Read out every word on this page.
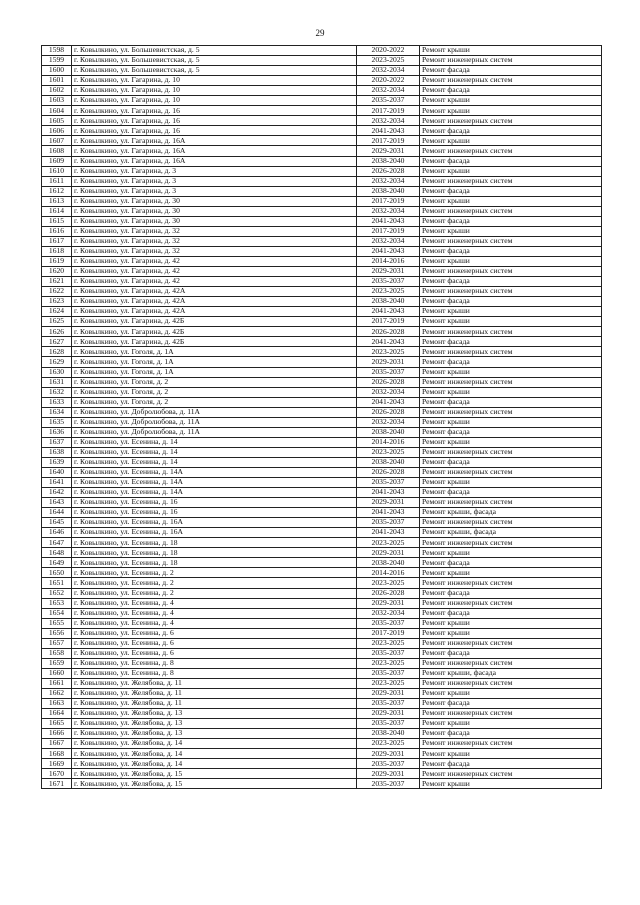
29
1598	г. Ковылкино, ул. Большевистская, д. 5	2020-2022	Ремонт крыши
1599	г. Ковылкино, ул. Большевистская, д. 5	2023-2025	Ремонт инженерных систем
1600	г. Ковылкино, ул. Большевистская, д. 5	2032-2034	Ремонт фасада
1601	г. Ковылкино, ул. Гагарина, д. 10	2020-2022	Ремонт инженерных систем
1602	г. Ковылкино, ул. Гагарина, д. 10	2032-2034	Ремонт фасада
1603	г. Ковылкино, ул. Гагарина, д. 10	2035-2037	Ремонт крыши
1604	г. Ковылкино, ул. Гагарина, д. 16	2017-2019	Ремонт крыши
1605	г. Ковылкино, ул. Гагарина, д. 16	2032-2034	Ремонт инженерных систем
1606	г. Ковылкино, ул. Гагарина, д. 16	2041-2043	Ремонт фасада
1607	г. Ковылкино, ул. Гагарина, д. 16А	2017-2019	Ремонт крыши
1608	г. Ковылкино, ул. Гагарина, д. 16А	2029-2031	Ремонт инженерных систем
1609	г. Ковылкино, ул. Гагарина, д. 16А	2038-2040	Ремонт фасада
1610	г. Ковылкино, ул. Гагарина, д. 3	2026-2028	Ремонт крыши
1611	г. Ковылкино, ул. Гагарина, д. 3	2032-2034	Ремонт инженерных систем
1612	г. Ковылкино, ул. Гагарина, д. 3	2038-2040	Ремонт фасада
1613	г. Ковылкино, ул. Гагарина, д. 30	2017-2019	Ремонт крыши
1614	г. Ковылкино, ул. Гагарина, д. 30	2032-2034	Ремонт инженерных систем
1615	г. Ковылкино, ул. Гагарина, д. 30	2041-2043	Ремонт фасада
1616	г. Ковылкино, ул. Гагарина, д. 32	2017-2019	Ремонт крыши
1617	г. Ковылкино, ул. Гагарина, д. 32	2032-2034	Ремонт инженерных систем
1618	г. Ковылкино, ул. Гагарина, д. 32	2041-2043	Ремонт фасада
1619	г. Ковылкино, ул. Гагарина, д. 42	2014-2016	Ремонт крыши
1620	г. Ковылкино, ул. Гагарина, д. 42	2029-2031	Ремонт инженерных систем
1621	г. Ковылкино, ул. Гагарина, д. 42	2035-2037	Ремонт фасада
1622	г. Ковылкино, ул. Гагарина, д. 42А	2023-2025	Ремонт инженерных систем
1623	г. Ковылкино, ул. Гагарина, д. 42А	2038-2040	Ремонт фасада
1624	г. Ковылкино, ул. Гагарина, д. 42А	2041-2043	Ремонт крыши
1625	г. Ковылкино, ул. Гагарина, д. 42Б	2017-2019	Ремонт крыши
1626	г. Ковылкино, ул. Гагарина, д. 42Б	2026-2028	Ремонт инженерных систем
1627	г. Ковылкино, ул. Гагарина, д. 42Б	2041-2043	Ремонт фасада
1628	г. Ковылкино, ул. Гоголя, д. 1А	2023-2025	Ремонт инженерных систем
1629	г. Ковылкино, ул. Гоголя, д. 1А	2029-2031	Ремонт фасада
1630	г. Ковылкино, ул. Гоголя, д. 1А	2035-2037	Ремонт крыши
1631	г. Ковылкино, ул. Гоголя, д. 2	2026-2028	Ремонт инженерных систем
1632	г. Ковылкино, ул. Гоголя, д. 2	2032-2034	Ремонт крыши
1633	г. Ковылкино, ул. Гоголя, д. 2	2041-2043	Ремонт фасада
1634	г. Ковылкино, ул. Добролюбова, д. 11А	2026-2028	Ремонт инженерных систем
1635	г. Ковылкино, ул. Добролюбова, д. 11А	2032-2034	Ремонт крыши
1636	г. Ковылкино, ул. Добролюбова, д. 11А	2038-2040	Ремонт фасада
1637	г. Ковылкино, ул. Есенина, д. 14	2014-2016	Ремонт крыши
1638	г. Ковылкино, ул. Есенина, д. 14	2023-2025	Ремонт инженерных систем
1639	г. Ковылкино, ул. Есенина, д. 14	2038-2040	Ремонт фасада
1640	г. Ковылкино, ул. Есенина, д. 14А	2026-2028	Ремонт инженерных систем
1641	г. Ковылкино, ул. Есенина, д. 14А	2035-2037	Ремонт крыши
1642	г. Ковылкино, ул. Есенина, д. 14А	2041-2043	Ремонт фасада
1643	г. Ковылкино, ул. Есенина, д. 16	2029-2031	Ремонт инженерных систем
1644	г. Ковылкино, ул. Есенина, д. 16	2041-2043	Ремонт крыши, фасада
1645	г. Ковылкино, ул. Есенина, д. 16А	2035-2037	Ремонт инженерных систем
1646	г. Ковылкино, ул. Есенина, д. 16А	2041-2043	Ремонт крыши, фасада
1647	г. Ковылкино, ул. Есенина, д. 18	2023-2025	Ремонт инженерных систем
1648	г. Ковылкино, ул. Есенина, д. 18	2029-2031	Ремонт крыши
1649	г. Ковылкино, ул. Есенина, д. 18	2038-2040	Ремонт фасада
1650	г. Ковылкино, ул. Есенина, д. 2	2014-2016	Ремонт крыши
1651	г. Ковылкино, ул. Есенина, д. 2	2023-2025	Ремонт инженерных систем
1652	г. Ковылкино, ул. Есенина, д. 2	2026-2028	Ремонт фасада
1653	г. Ковылкино, ул. Есенина, д. 4	2029-2031	Ремонт инженерных систем
1654	г. Ковылкино, ул. Есенина, д. 4	2032-2034	Ремонт фасада
1655	г. Ковылкино, ул. Есенина, д. 4	2035-2037	Ремонт крыши
1656	г. Ковылкино, ул. Есенина, д. 6	2017-2019	Ремонт крыши
1657	г. Ковылкино, ул. Есенина, д. 6	2023-2025	Ремонт инженерных систем
1658	г. Ковылкино, ул. Есенина, д. 6	2035-2037	Ремонт фасада
1659	г. Ковылкино, ул. Есенина, д. 8	2023-2025	Ремонт инженерных систем
1660	г. Ковылкино, ул. Есенина, д. 8	2035-2037	Ремонт крыши, фасада
1661	г. Ковылкино, ул. Желябова, д. 11	2023-2025	Ремонт инженерных систем
1662	г. Ковылкино, ул. Желябова, д. 11	2029-2031	Ремонт крыши
1663	г. Ковылкино, ул. Желябова, д. 11	2035-2037	Ремонт фасада
1664	г. Ковылкино, ул. Желябова, д. 13	2029-2031	Ремонт инженерных систем
1665	г. Ковылкино, ул. Желябова, д. 13	2035-2037	Ремонт крыши
1666	г. Ковылкино, ул. Желябова, д. 13	2038-2040	Ремонт фасада
1667	г. Ковылкино, ул. Желябова, д. 14	2023-2025	Ремонт инженерных систем
1668	г. Ковылкино, ул. Желябова, д. 14	2029-2031	Ремонт крыши
1669	г. Ковылкино, ул. Желябова, д. 14	2035-2037	Ремонт фасада
1670	г. Ковылкино, ул. Желябова, д. 15	2029-2031	Ремонт инженерных систем
1671	г. Ковылкино, ул. Желябова, д. 15	2035-2037	Ремонт крыши
